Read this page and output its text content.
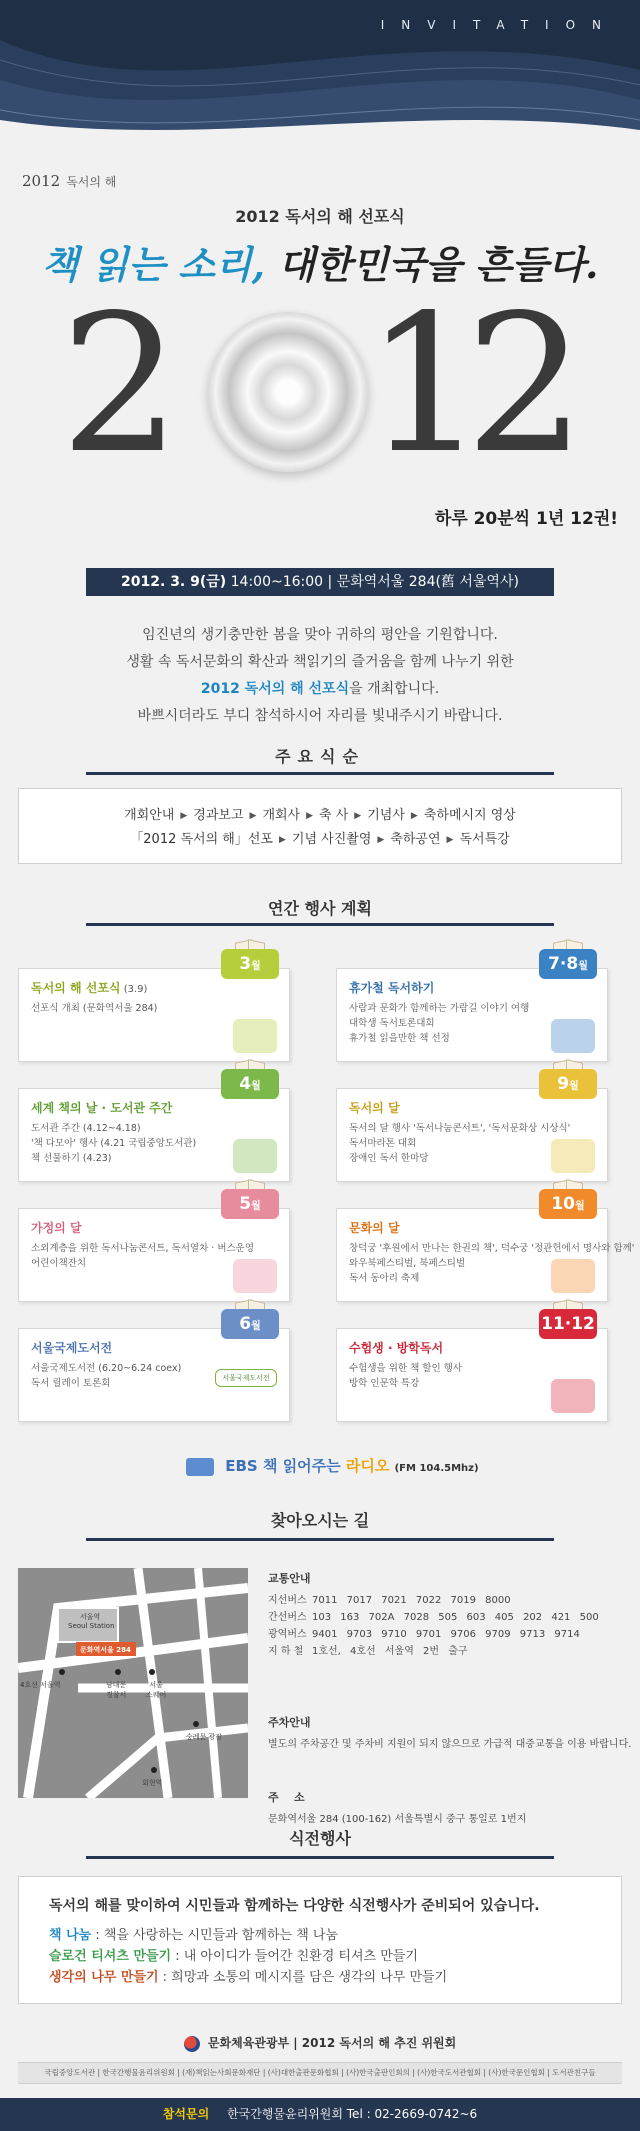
INVITATION
2012 독서의 해
2012 독서의 해 선포식
책 읽는 소리, 대한민국을 흔들다.
2 1
2
하루 20분씩 1년 12권!
2012. 3. 9(금) 14:00~16:00 | 문화역서울 284(舊 서울역사)

임진년의 생기충만한 봄을 맞아 귀하의 평안을 기원합니다.

생활 속 독서문화의 확산과 책읽기의 즐거움을 함께 나누기 위한

2012 독서의 해 선포식을 개최합니다.

바쁘시더라도 부디 참석하시어 자리를 빛내주시기 바랍니다.

주요식순
개회안내 ▶ 경과보고 ▶ 개회사 ▶ 축 사 ▶ 기념사 ▶ 축하메시지 영상
「2012 독서의 해」선포 ▶ 기념 사진촬영 ▶ 축하공연 ▶ 독서특강
연간 행사 계획
3월
독서의 해 선포식 (3.9)
선포식 개최 (문화역서울 284)
7·8월
휴가철 독서하기
사람과 문화가 함께하는 가람길 이야기 여행
대학생 독서토론대회
휴가철 읽을만한 책 선정
4월
세계 책의 날 · 도서관 주간
도서관 주간 (4.12~4.18)
'책 다모아' 행사 (4.21 국립중앙도서관)
책 선물하기 (4.23)
9월
독서의 달
독서의 달 행사 '독서나눔콘서트', '독서문화상 시상식'
독서마라톤 대회
장애인 독서 한마당
5월
가정의 달
소외계층을 위한 독서나눔콘서트, 독서열차 · 버스운영
어린이책잔치
10월
문화의 달
창덕궁 '후원에서 만나는 한권의 책', 덕수궁 '정관헌에서 명사와 함께'
와우북페스티벌, 북페스티벌
독서 동아리 축제
6월
서울국제도서전
서울국제도서전 (6.20~6.24 coex)
독서 릴레이 토론회	서울국제도서전
11·12월
수험생 · 방학독서
수험생을 위한 책 할인 행사
방학 인문학 특강
EBS 책 읽어주는 라디오 (FM 104.5Mhz)
찾아오시는 길
서울역
Seoul Station
문화역서울 284
4호선 서울역	남대문
경찰서
서울
스퀘어
숭례문 광장
회현역
교통안내
지선버스 7011 7017 7021 7022 7019 8000
간선버스 103 163 702A 7028 505 603 405 202 421 500
광역버스 9401 9703 9710 9701 9706 9709 9713 9714
지 하 철 1호선, 4호선 서울역 2번 출구
주차안내
별도의 주차공간 및 주차비 지원이 되지 않으므로 가급적 대중교통을 이용 바랍니다.
주    소
문화역서울 284 (100-162) 서울특별시 중구 통일로 1번지
식전행사
독서의 해를 맞이하여 시민들과 함께하는 다양한 식전행사가 준비되어 있습니다.
책 나눔 : 책을 사랑하는 시민들과 함께하는 책 나눔
슬로건 티셔츠 만들기 : 내 아이디가 들어간 친환경 티셔츠 만들기
생각의 나무 만들기 : 희망과 소통의 메시지를 담은 생각의 나무 만들기
문화체육관광부 | 2012 독서의 해 추진 위원회
국립중앙도서관 | 한국간행물윤리위원회 | (재)책읽는사회문화재단 | (사)대한출판문화협회 | (사)한국출판인회의 | (사)한국도서관협회 | (사)한국문인협회 | 도서관친구들
참석문의 한국간행물윤리위원회 Tel : 02-2669-0742~6
